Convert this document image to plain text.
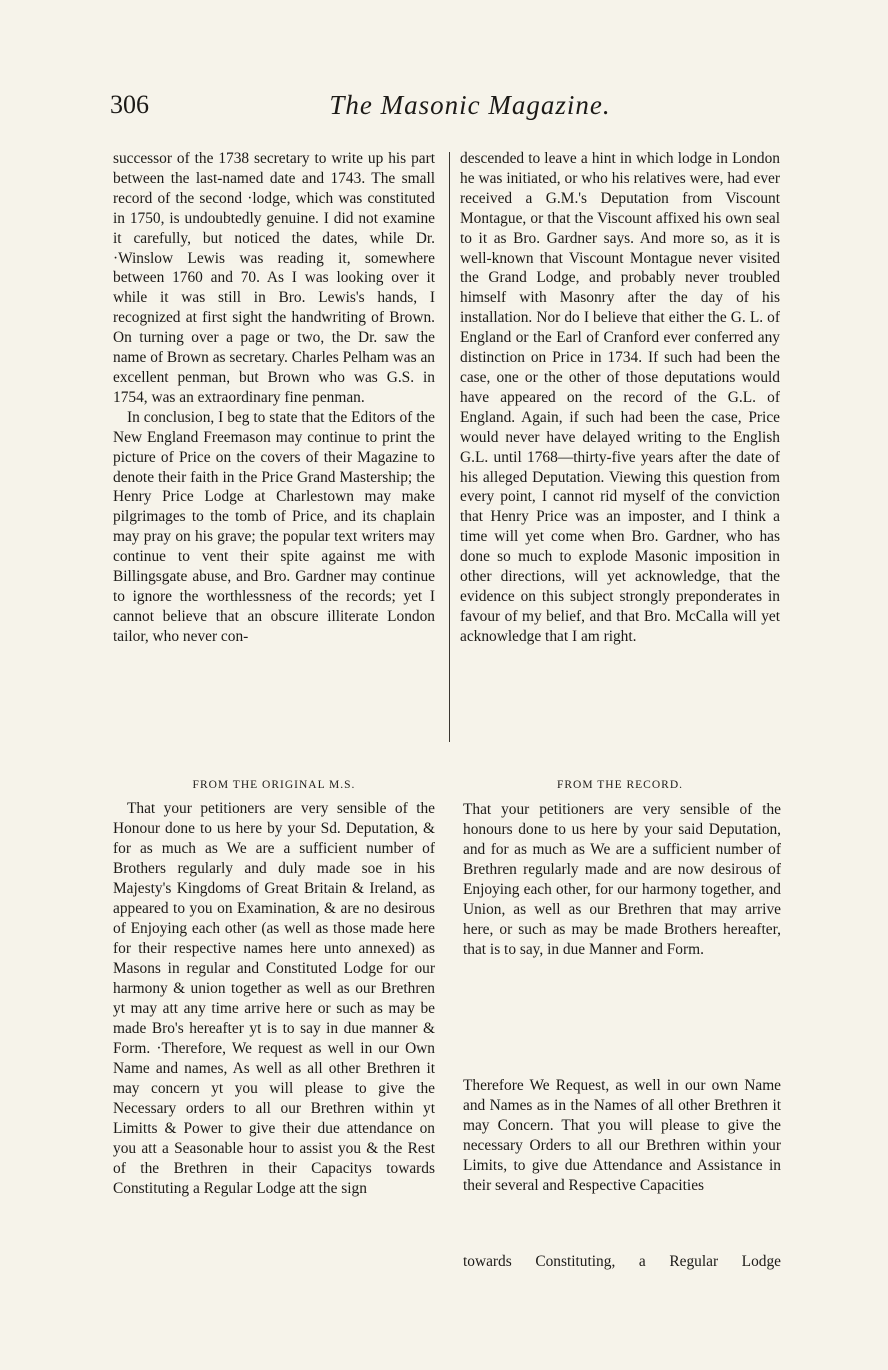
306	The Masonic Magazine.

successor of the 1738 secretary to write up his part between the last-named date and 1743. The small record of the second ·lodge, which was constituted in 1750, is undoubtedly genuine. I did not examine it carefully, but noticed the dates, while Dr. ·Winslow Lewis was reading it, somewhere between 1760 and 70. As I was looking over it while it was still in Bro. Lewis's hands, I recognized at first sight the handwriting of Brown. On turning over a page or two, the Dr. saw the name of Brown as secretary. Charles Pelham was an excellent penman, but Brown who was G.S. in 1754, was an extraordinary fine penman.

In conclusion, I beg to state that the Editors of the New England Freemason may continue to print the picture of Price on the covers of their Magazine to denote their faith in the Price Grand Mastership; the Henry Price Lodge at Charlestown may make pilgrimages to the tomb of Price, and its chaplain may pray on his grave; the popular text writers may continue to vent their spite against me with Billingsgate abuse, and Bro. Gardner may continue to ignore the worthlessness of the records; yet I cannot believe that an obscure illiterate London tailor, who never con-

descended to leave a hint in which lodge in London he was initiated, or who his relatives were, had ever received a G.M.'s Deputation from Viscount Montague, or that the Viscount affixed his own seal to it as Bro. Gardner says. And more so, as it is well-known that Viscount Montague never visited the Grand Lodge, and probably never troubled himself with Masonry after the day of his installation. Nor do I believe that either the G. L. of England or the Earl of Cranford ever conferred any distinction on Price in 1734. If such had been the case, one or the other of those deputations would have appeared on the record of the G.L. of England. Again, if such had been the case, Price would never have delayed writing to the English G.L. until 1768—thirty-five years after the date of his alleged Deputation. Viewing this question from every point, I cannot rid myself of the conviction that Henry Price was an imposter, and I think a time will yet come when Bro. Gardner, who has done so much to explode Masonic imposition in other directions, will yet acknowledge, that the evidence on this subject strongly preponderates in favour of my belief, and that Bro. McCalla will yet acknowledge that I am right.

FROM THE ORIGINAL M.S.	FROM THE RECORD.

That your petitioners are very sensible of the Honour done to us here by your Sd. Deputation, & for as much as We are a sufficient number of Brothers regularly and duly made soe in his Majesty's Kingdoms of Great Britain & Ireland, as appeared to you on Examination, & are no desirous of Enjoying each other (as well as those made here for their respective names here unto annexed) as Masons in regular and Constituted Lodge for our harmony & union together as well as our Brethren yt may att any time arrive here or such as may be made Bro's hereafter yt is to say in due manner & Form. ·Therefore, We request as well in our Own Name and names, As well as all other Brethren it may concern yt you will please to give the Necessary orders to all our Brethren within yt Limitts & Power to give their due attendance on you att a Seasonable hour to assist you & the Rest of the Brethren in their Capacitys towards Constituting a Regular Lodge att the sign

That your petitioners are very sensible of the honours done to us here by your said Deputation, and for as much as We are a sufficient number of Brethren regularly made and are now desirous of Enjoying each other, for our harmony together, and Union, as well as our Brethren that may arrive here, or such as may be made Brothers hereafter, that is to say, in due Manner and Form.

Therefore We Request, as well in our own Name and Names as in the Names of all other Brethren it may Concern. That you will please to give the necessary Orders to all our Brethren within your Limits, to give due Attendance and Assistance in their several and Respective Capacities

towards Constituting, a Regular Lodge
